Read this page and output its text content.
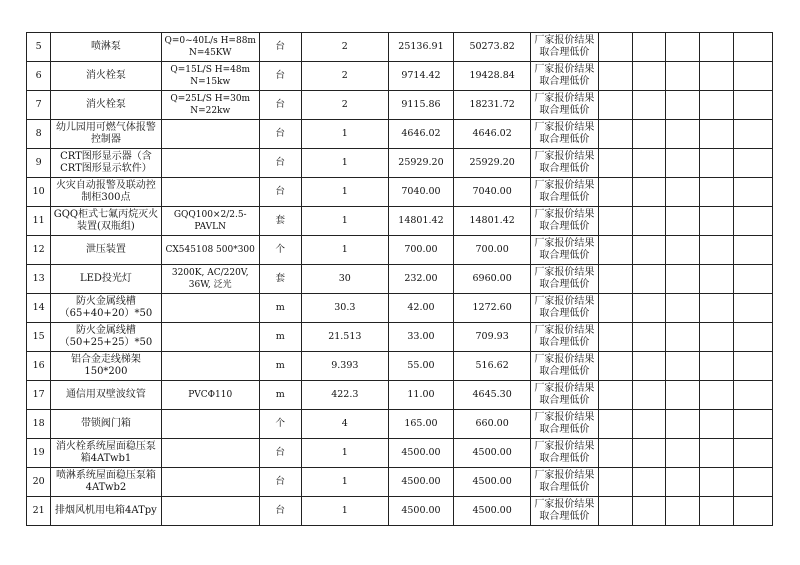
5	喷淋泵	Q=0~40L/s H=88m N=45KW	台	2	25136.91	50273.82	厂家报价结果取合理低价					
6	消火栓泵	Q=15L/S H=48m N=15kw	台	2	9714.42	19428.84	厂家报价结果取合理低价					
7	消火栓泵	Q=25L/S H=30m N=22kw	台	2	9115.86	18231.72	厂家报价结果取合理低价					
8	幼儿园用可燃气体报警控制器		台	1	4646.02	4646.02	厂家报价结果取合理低价					
9	CRT图形显示器（含CRT图形显示软件）		台	1	25929.20	25929.20	厂家报价结果取合理低价					
10	火灾自动报警及联动控制柜300点		台	1	7040.00	7040.00	厂家报价结果取合理低价					
11	GQQ柜式七氟丙烷灭火装置(双瓶组)	GQQ100×2/2.5-PAVLN	套	1	14801.42	14801.42	厂家报价结果取合理低价					
12	泄压装置	CX545108 500*300	个	1	700.00	700.00	厂家报价结果取合理低价					
13	LED投光灯	3200K, AC/220V, 36W, 泛光	套	30	232.00	6960.00	厂家报价结果取合理低价					
14	防火金属线槽（65+40+20）*50		m	30.3	42.00	1272.60	厂家报价结果取合理低价					
15	防火金属线槽（50+25+25）*50		m	21.513	33.00	709.93	厂家报价结果取合理低价					
16	铝合金走线梯架150*200		m	9.393	55.00	516.62	厂家报价结果取合理低价					
17	通信用双壁波纹管	PVCΦ110	m	422.3	11.00	4645.30	厂家报价结果取合理低价					
18	带锁阀门箱		个	4	165.00	660.00	厂家报价结果取合理低价					
19	消火栓系统屋面稳压泵箱4ATwb1		台	1	4500.00	4500.00	厂家报价结果取合理低价					
20	喷淋系统屋面稳压泵箱4ATwb2		台	1	4500.00	4500.00	厂家报价结果取合理低价					
21	排烟风机用电箱4ATpy		台	1	4500.00	4500.00	厂家报价结果取合理低价					
